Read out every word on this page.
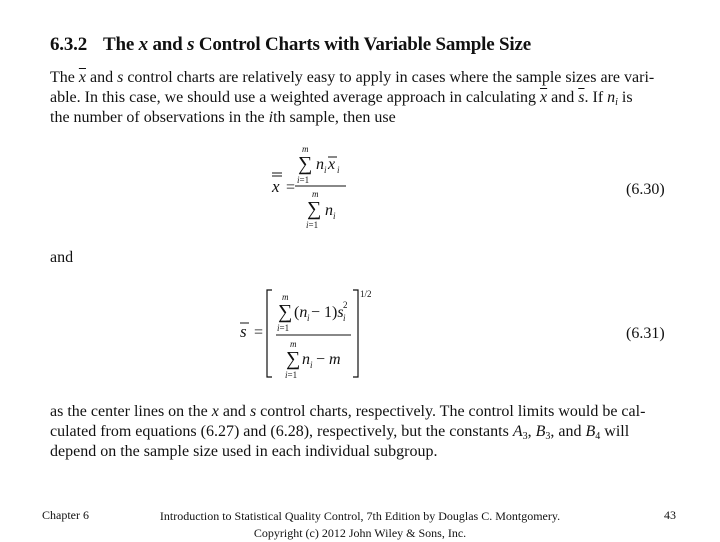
6.3.2 The x and s Control Charts with Variable Sample Size
The $\overline{x}$ and s control charts are relatively easy to apply in cases where the sample sizes are vari-
able. In this case, we should use a weighted average approach in calculating $\overline{x}$ and $\overline{s}$. If $n_i$ is
the number of observations in the ith sample, then use
x =
m
∑
i=1
n i x i
m
∑
i=1
n i
(6.30)
and
s =
1/2
m
∑
i=1
(n i − 1)s 2
i
m
∑
i=1
n i − m
(6.31)
as the center lines on the x and s control charts, respectively. The control limits would be cal-
culated from equations (6.27) and (6.28), respectively, but the constants $A_3$, $B_3$, and $B_4$ will
depend on the sample size used in each individual subgroup.
Chapter 6	Introduction to Statistical Quality Control, 7th Edition by Douglas C. Montgomery.
Copyright (c) 2012 John Wiley & Sons, Inc.
43
